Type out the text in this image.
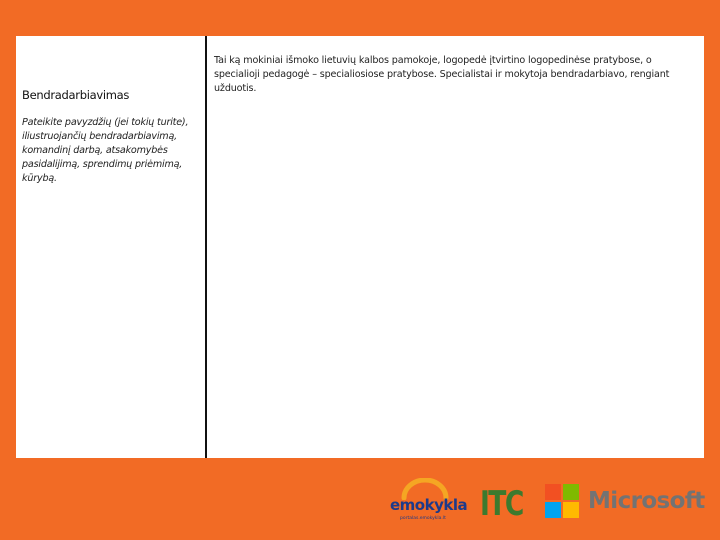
Bendradarbiavimas
Pateikite pavyzdžių (jei tokių turite), iliustruojančių bendradarbiavimą, komandinį darbą, atsakomybės pasidalijimą, sprendimų priėmimą, kūrybą.
Tai ką mokiniai išmoko lietuvių kalbos pamokoje, logopedė įtvirtino logopedinėse pratybose, o specialioji pedagogė – specialiosiose pratybose. Specialistai ir mokytoja bendradarbiavo, rengiant užduotis.
emokykla
portalas.emokykla.lt ITC	Microsoft
